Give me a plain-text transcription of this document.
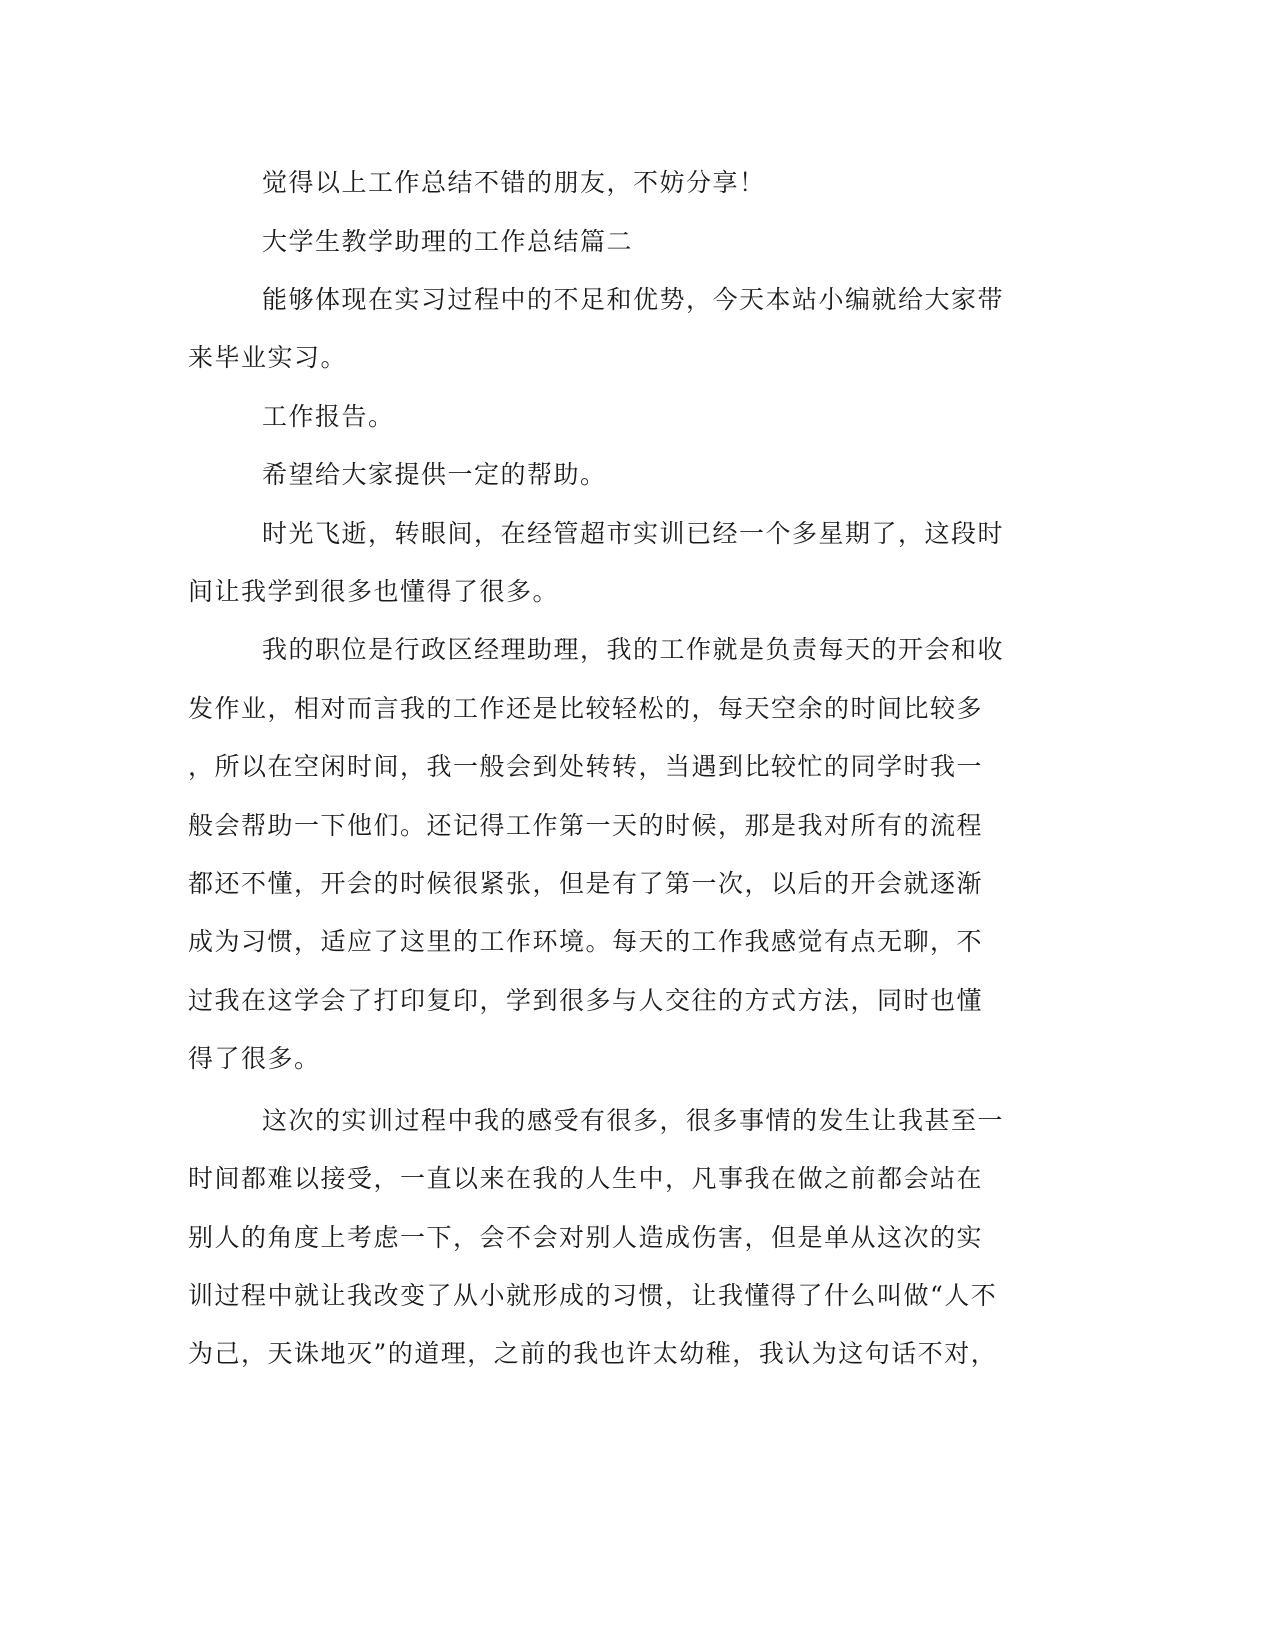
觉得以上工作总结不错的朋友，不妨分享！
大学生教学助理的工作总结篇二
能够体现在实习过程中的不足和优势，今天本站小编就给大家带
来毕业实习。
工作报告。
希望给大家提供一定的帮助。
时光飞逝，转眼间，在经管超市实训已经一个多星期了，这段时
间让我学到很多也懂得了很多。
我的职位是行政区经理助理，我的工作就是负责每天的开会和收
发作业，相对而言我的工作还是比较轻松的，每天空余的时间比较多
，所以在空闲时间，我一般会到处转转，当遇到比较忙的同学时我一
般会帮助一下他们。还记得工作第一天的时候，那是我对所有的流程
都还不懂，开会的时候很紧张，但是有了第一次，以后的开会就逐渐
成为习惯，适应了这里的工作环境。每天的工作我感觉有点无聊，不
过我在这学会了打印复印，学到很多与人交往的方式方法，同时也懂
得了很多。
这次的实训过程中我的感受有很多，很多事情的发生让我甚至一
时间都难以接受，一直以来在我的人生中，凡事我在做之前都会站在
别人的角度上考虑一下，会不会对别人造成伤害，但是单从这次的实
训过程中就让我改变了从小就形成的习惯，让我懂得了什么叫做“人不
为己，天诛地灭”的道理，之前的我也许太幼稚，我认为这句话不对，
